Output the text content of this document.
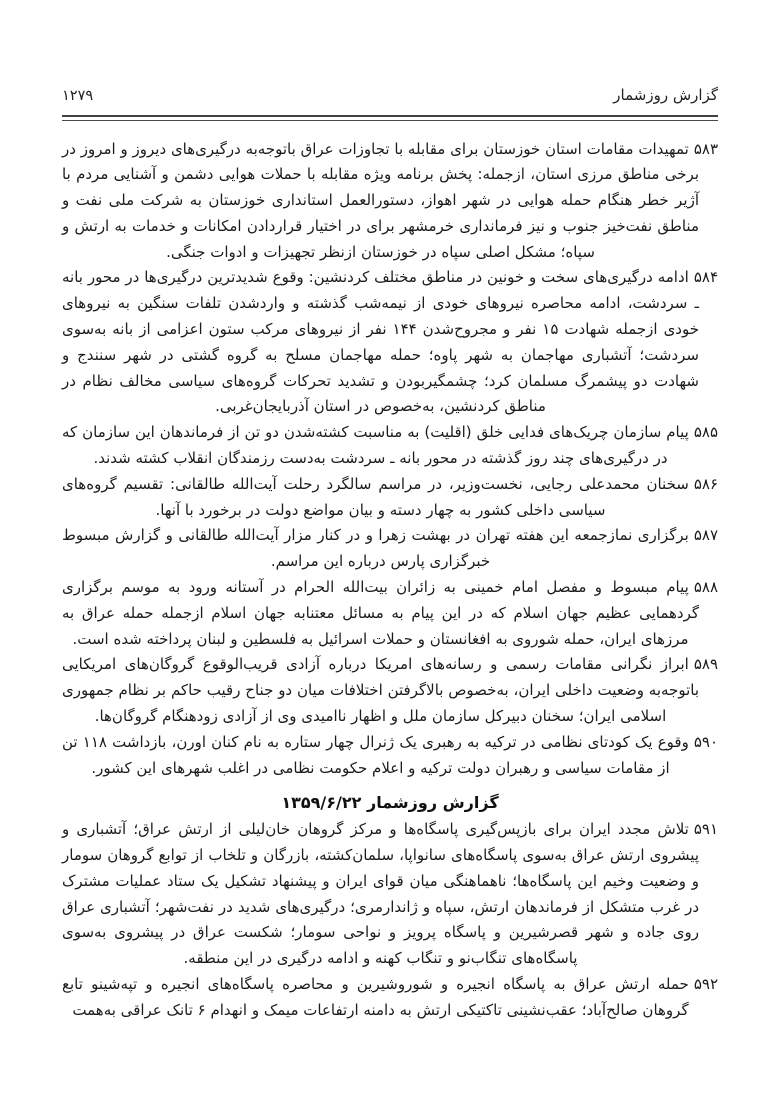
گزارش روزشمار
۱۲۷۹

۵۸۳تمهیدات مقامات استان خوزستان برای مقابله با تجاوزات عراق باتوجه‌به درگیری‌های دیروز و امروز در برخی مناطق مرزی استان، ازجمله: پخش برنامه ویژه مقابله با حملات هوایی دشمن و آشنایی مردم با آژیر خطر هنگام حمله هوایی در شهر اهواز، دستورالعمل استانداری خوزستان به شرکت ملی نفت و مناطق نفت‌خیز جنوب و نیز فرمانداری خرمشهر برای در اختیار قراردادن امکانات و خدمات به ارتش و سپاه؛ مشکل اصلی سپاه در خوزستان ازنظر تجهیزات و ادوات جنگی.

۵۸۴ادامه درگیری‌های سخت و خونین در مناطق مختلف کردنشین: وقوع شدیدترین درگیری‌ها در محور بانه ـ سردشت، ادامه محاصره نیروهای خودی از نیمه‌شب گذشته و واردشدن تلفات سنگین به نیروهای خودی ازجمله شهادت ۱۵ نفر و مجروح‌شدن ۱۴۴ نفر از نیروهای مرکب ستون اعزامی از بانه به‌سوی سردشت؛ آتشباری مهاجمان به شهر پاوه؛ حمله مهاجمان مسلح به گروه گشتی در شهر سنندج و شهادت دو پیشمرگ مسلمان کرد؛ چشمگیربودن و تشدید تحرکات گروه‌های سیاسی مخالف نظام در مناطق کردنشین، به‌خصوص در استان آذربایجان‌غربی.

۵۸۵پیام سازمان چریک‌های فدایی خلق (اقلیت) به مناسبت کشته‌شدن دو تن از فرماندهان این سازمان که در درگیری‌های چند روز گذشته در محور بانه ـ سردشت به‌دست رزمندگان انقلاب کشته شدند.

۵۸۶سخنان محمدعلی رجایی، نخست‌وزیر، در مراسم سالگرد رحلت آیت‌الله طالقانی: تقسیم گروه‌های سیاسی داخلی کشور به چهار دسته و بیان مواضع دولت در برخورد با آنها.

۵۸۷برگزاری نمازجمعه این هفته تهران در بهشت زهرا و در کنار مزار آیت‌الله طالقانی و گزارش مبسوط خبرگزاری پارس درباره این مراسم.

۵۸۸پیام مبسوط و مفصل امام خمینی به زائران بیت‌الله الحرام در آستانه ورود به موسم برگزاری گردهمایی عظیم جهان اسلام که در این پیام به مسائل معتنابه جهان اسلام ازجمله حمله عراق به مرزهای ایران، حمله شوروی به افغانستان و حملات اسرائیل به فلسطین و لبنان پرداخته شده است.

۵۸۹ابراز نگرانی مقامات رسمی و رسانه‌های امریکا درباره آزادی قریب‌الوقوع گروگان‌های امریکایی باتوجه‌به وضعیت داخلی ایران، به‌خصوص بالاگرفتن اختلافات میان دو جناح رقیب حاکم بر نظام جمهوری اسلامی ایران؛ سخنان دبیرکل سازمان ملل و اظهار ناامیدی وی از آزادی زودهنگام گروگان‌ها.

۵۹۰وقوع یک کودتای نظامی در ترکیه به رهبری یک ژنرال چهار ستاره به نام کنان اورن، بازداشت ۱۱۸ تن از مقامات سیاسی و رهبران دولت ترکیه و اعلام حکومت نظامی در اغلب شهرهای این کشور.

گزارش روزشمار ۱۳۵۹/۶/۲۲

۵۹۱تلاش مجدد ایران برای بازپس‌گیری پاسگاه‌ها و مرکز گروهان خان‌لیلی از ارتش عراق؛ آتشباری و پیشروی ارتش عراق به‌سوی پاسگاه‌های سانواپا، سلمان‌کشته، بازرگان و تلخاب از توابع گروهان سومار و وضعیت وخیم این پاسگاه‌ها؛ ناهماهنگی میان قوای ایران و پیشنهاد تشکیل یک ستاد عملیات مشترک در غرب متشکل از فرماندهان ارتش، سپاه و ژاندارمری؛ درگیری‌های شدید در نفت‌شهر؛ آتشباری عراق روی جاده و شهر قصرشیرین و پاسگاه پرویز و نواحی سومار؛ شکست عراق در پیشروی به‌سوی پاسگاه‌های تنگاب‌نو و تنگاب کهنه و ادامه درگیری در این منطقه.

۵۹۲حمله ارتش عراق به پاسگاه انجیره و شوروشیرین و محاصره پاسگاه‌های انجیره و تپه‌شینو تابع گروهان صالح‌آباد؛ عقب‌نشینی تاکتیکی ارتش به دامنه ارتفاعات میمک و انهدام ۶ تانک عراقی به‌همت
